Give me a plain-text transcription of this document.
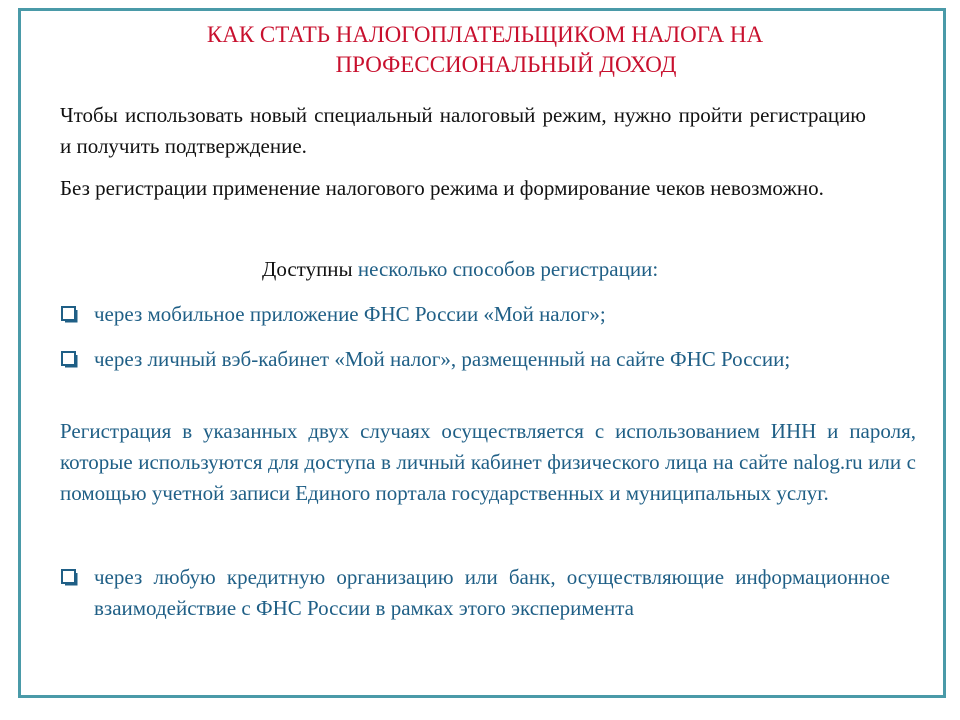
КАК СТАТЬ НАЛОГОПЛАТЕЛЬЩИКОМ НАЛОГА НА
ПРОФЕССИОНАЛЬНЫЙ ДОХОД
Чтобы использовать новый специальный налоговый режим, нужно пройти регистрацию и получить подтверждение.
Без регистрации применение налогового режима и формирование чеков невозможно.
Доступны несколько способов регистрации:
через мобильное приложение ФНС России «Мой налог»;
через личный вэб-кабинет «Мой налог», размещенный на сайте ФНС России;
Регистрация в указанных двух случаях осуществляется с использованием ИНН и пароля, которые используются для доступа в личный кабинет физического лица на сайте nalog.ru или с помощью учетной записи Единого портала государственных и муниципальных услуг.
через любую кредитную организацию или банк, осуществляющие информационное взаимодействие с ФНС России в рамках этого эксперимента
